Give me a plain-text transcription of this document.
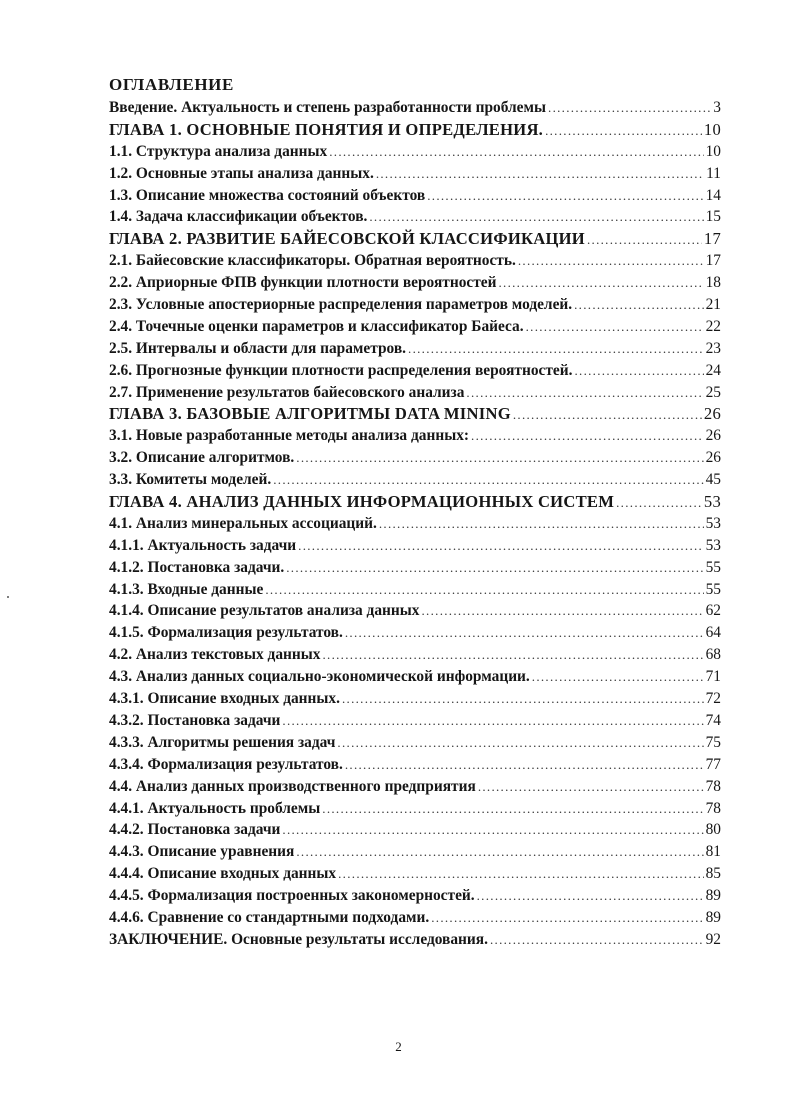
ОГЛАВЛЕНИЕ
Введение. Актуальность и степень разработанности проблемы .....	3
ГЛАВА 1. ОСНОВНЫЕ ПОНЯТИЯ И ОПРЕДЕЛЕНИЯ. .....	10
1.1. Структура анализа данных .....	10
1.2. Основные этапы анализа данных. .....	11
1.3. Описание множества состояний объектов .....	14
1.4. Задача классификации объектов. .....	15
ГЛАВА 2. РАЗВИТИЕ БАЙЕСОВСКОЙ КЛАССИФИКАЦИИ .....	17
2.1. Байесовские классификаторы. Обратная вероятность. .....	17
2.2. Априорные ФПВ функции плотности вероятностей .....	18
2.3. Условные апостериорные распределения параметров моделей. .....	21
2.4. Точечные оценки параметров и классификатор Байеса. .....	22
2.5. Интервалы и области для параметров. .....	23
2.6. Прогнозные функции плотности распределения вероятностей. .....	24
2.7. Применение результатов байесовского анализа .....	25
ГЛАВА 3. БАЗОВЫЕ АЛГОРИТМЫ DATA MINING .....	26
3.1. Новые разработанные методы анализа данных: .....	26
3.2. Описание алгоритмов. .....	26
3.3. Комитеты моделей. .....	45
ГЛАВА 4. АНАЛИЗ ДАННЫХ ИНФОРМАЦИОННЫХ СИСТЕМ .....	53
4.1. Анализ минеральных ассоциаций. .....	53
4.1.1. Актуальность задачи .....	53
4.1.2. Постановка задачи. .....	55
4.1.3. Входные данные .....	55
4.1.4. Описание результатов анализа данных .....	62
4.1.5. Формализация результатов. .....	64
4.2. Анализ текстовых данных .....	68
4.3. Анализ данных социально-экономической информации. .....	71
4.3.1. Описание входных данных. .....	72
4.3.2. Постановка задачи .....	74
4.3.3. Алгоритмы решения задач .....	75
4.3.4. Формализация результатов. .....	77
4.4. Анализ данных производственного предприятия .....	78
4.4.1. Актуальность проблемы .....	78
4.4.2. Постановка задачи .....	80
4.4.3. Описание уравнения .....	81
4.4.4. Описание входных данных .....	85
4.4.5. Формализация построенных закономерностей. .....	89
4.4.6. Сравнение со стандартными подходами. .....	89
ЗАКЛЮЧЕНИЕ. Основные результаты исследования. .....	92
2
